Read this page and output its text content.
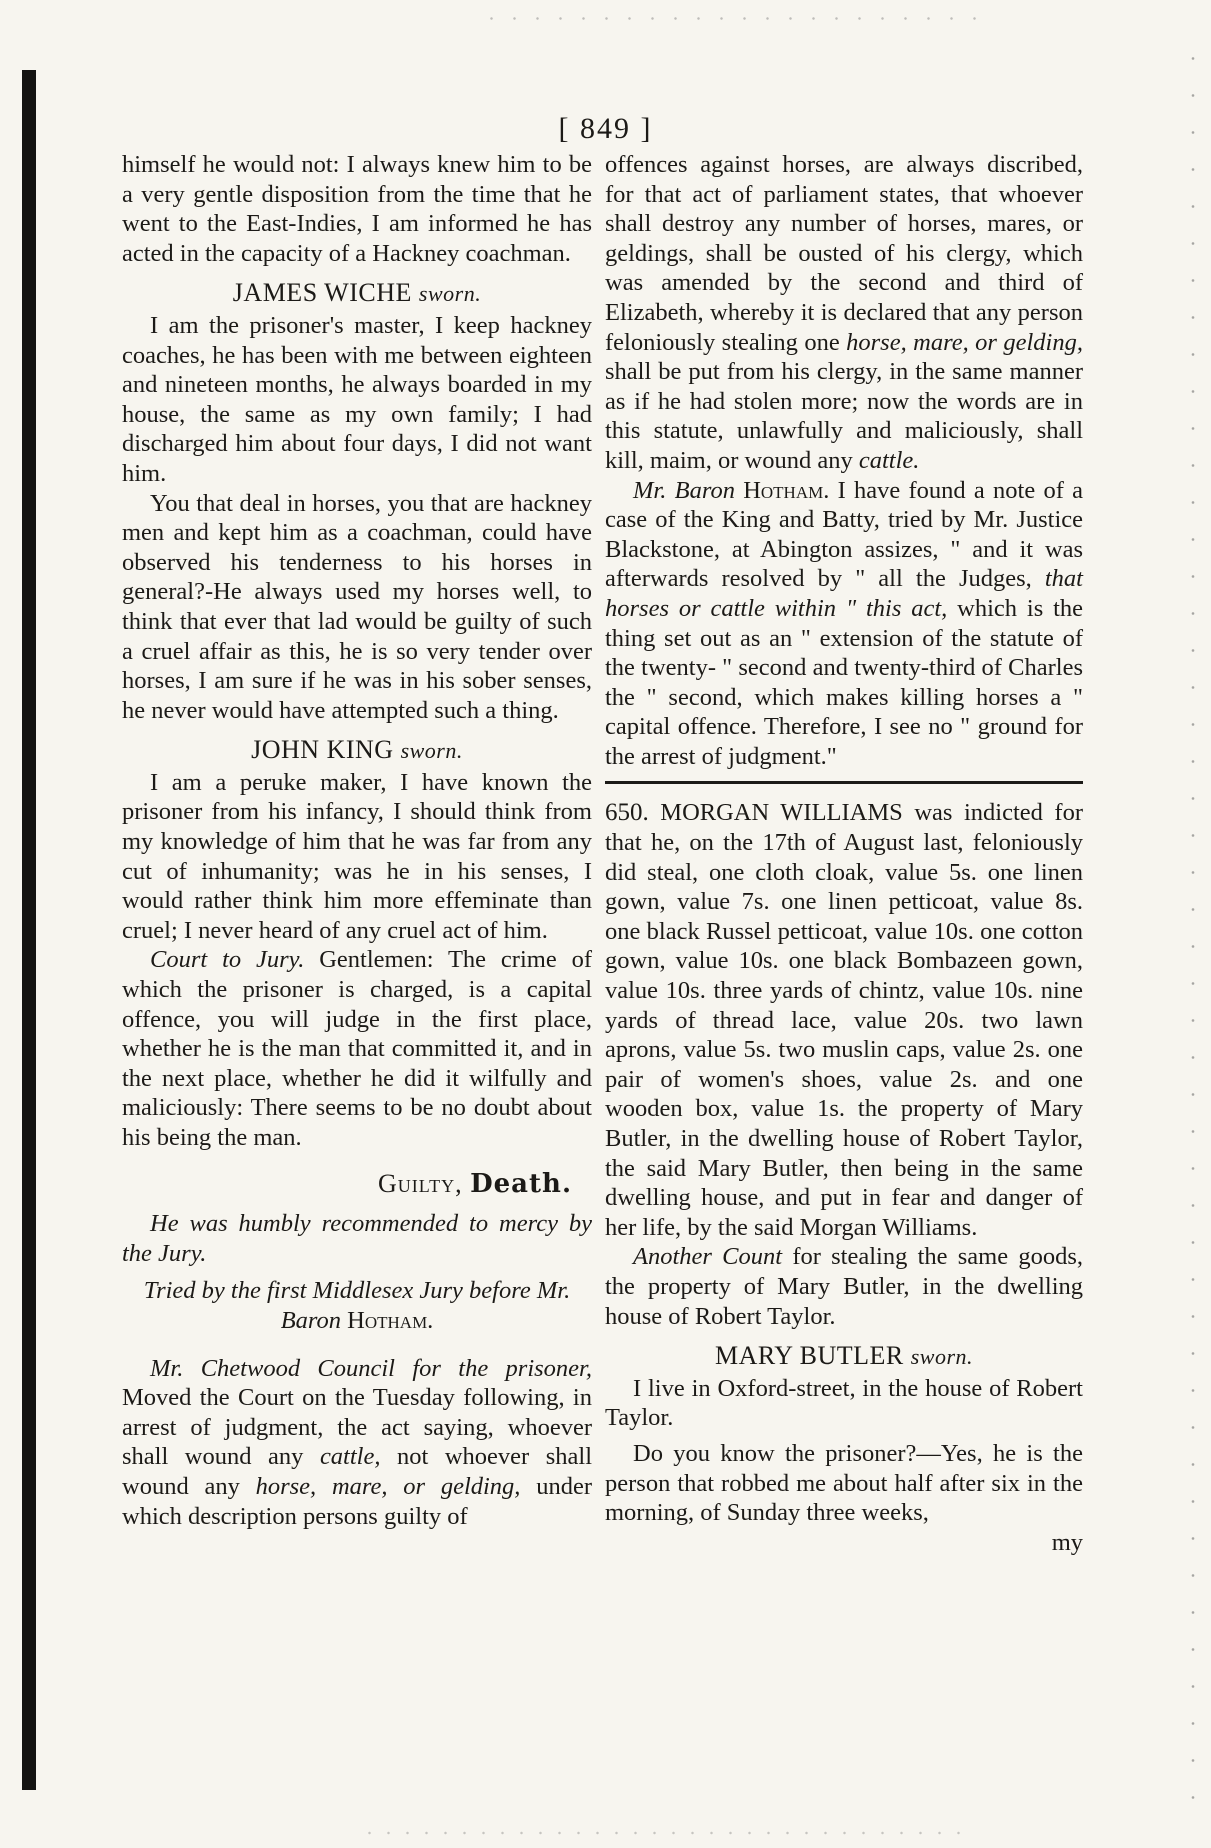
[ 849 ]

himself he would not: I always knew him to be a very gentle disposition from the time that he went to the East-Indies, I am informed he has acted in the capacity of a Hackney coachman.

JAMES WICHE sworn.

I am the prisoner's master, I keep hackney coaches, he has been with me between eighteen and nineteen months, he always boarded in my house, the same as my own family; I had discharged him about four days, I did not want him.

You that deal in horses, you that are hackney men and kept him as a coachman, could have observed his tenderness to his horses in general?-He always used my horses well, to think that ever that lad would be guilty of such a cruel affair as this, he is so very tender over horses, I am sure if he was in his sober senses, he never would have attempted such a thing.

JOHN KING sworn.

I am a peruke maker, I have known the prisoner from his infancy, I should think from my knowledge of him that he was far from any cut of inhumanity; was he in his senses, I would rather think him more effeminate than cruel; I never heard of any cruel act of him.

Court to Jury. Gentlemen: The crime of which the prisoner is charged, is a capital offence, you will judge in the first place, whether he is the man that committed it, and in the next place, whether he did it wilfully and maliciously: There seems to be no doubt about his being the man.

Guilty, Death.

He was humbly recommended to mercy by the Jury.

Tried by the first Middlesex Jury before Mr. Baron Hotham.

Mr. Chetwood Council for the prisoner, Moved the Court on the Tuesday following, in arrest of judgment, the act saying, whoever shall wound any cattle, not whoever shall wound any horse, mare, or gelding, under which description persons guilty of

offences against horses, are always discribed, for that act of parliament states, that whoever shall destroy any number of horses, mares, or geldings, shall be ousted of his clergy, which was amended by the second and third of Elizabeth, whereby it is declared that any person feloniously stealing one horse, mare, or gelding, shall be put from his clergy, in the same manner as if he had stolen more; now the words are in this statute, unlawfully and maliciously, shall kill, maim, or wound any cattle.

Mr. Baron Hotham. I have found a note of a case of the King and Batty, tried by Mr. Justice Blackstone, at Abington assizes, " and it was afterwards resolved by " all the Judges, that horses or cattle within " this act, which is the thing set out as an " extension of the statute of the twenty- " second and twenty-third of Charles the " second, which makes killing horses a " capital offence. Therefore, I see no " ground for the arrest of judgment."

650. MORGAN WILLIAMS was indicted for that he, on the 17th of August last, feloniously did steal, one cloth cloak, value 5s. one linen gown, value 7s. one linen petticoat, value 8s. one black Russel petticoat, value 10s. one cotton gown, value 10s. one black Bombazeen gown, value 10s. three yards of chintz, value 10s. nine yards of thread lace, value 20s. two lawn aprons, value 5s. two muslin caps, value 2s. one pair of women's shoes, value 2s. and one wooden box, value 1s. the property of Mary Butler, in the dwelling house of Robert Taylor, the said Mary Butler, then being in the same dwelling house, and put in fear and danger of her life, by the said Morgan Williams.

Another Count for stealing the same goods, the property of Mary Butler, in the dwelling house of Robert Taylor.

MARY BUTLER sworn.

I live in Oxford-street, in the house of Robert Taylor.

Do you know the prisoner?—Yes, he is the person that robbed me about half after six in the morning, of Sunday three weeks,

my
